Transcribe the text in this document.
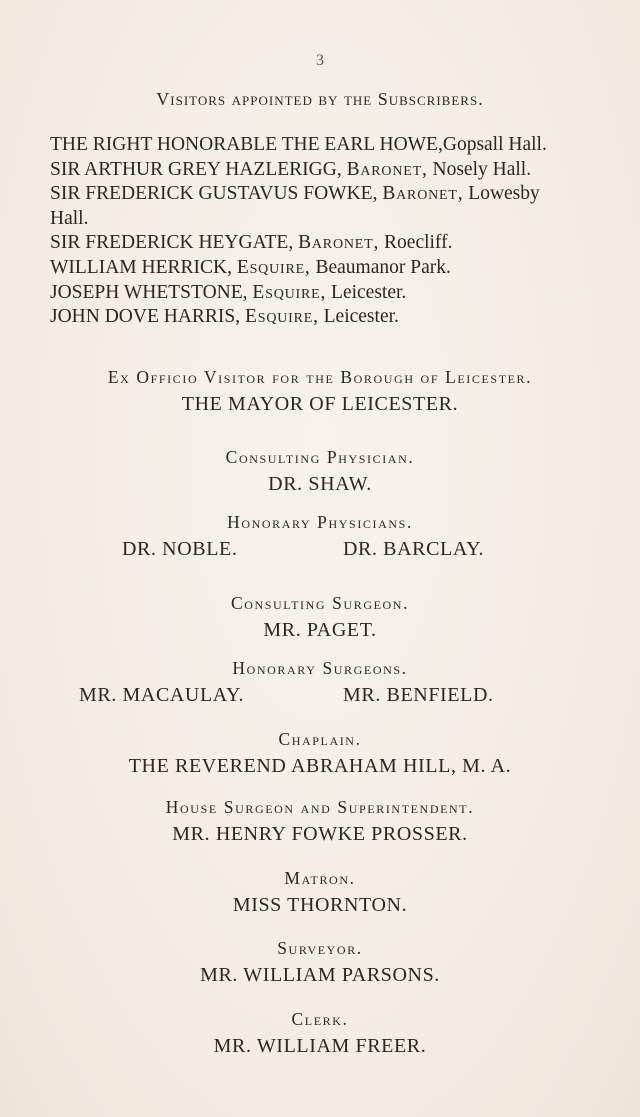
3
Visitors appointed by the Subscribers.
THE RIGHT HONORABLE THE EARL HOWE,Gopsall Hall.
SIR ARTHUR GREY HAZLERIGG, Baronet, Nosely Hall.
SIR FREDERICK GUSTAVUS FOWKE, Baronet, Lowesby
Hall.
SIR FREDERICK HEYGATE, Baronet, Roecliff.
WILLIAM HERRICK, Esquire, Beaumanor Park.
JOSEPH WHETSTONE, Esquire, Leicester.
JOHN DOVE HARRIS, Esquire, Leicester.
Ex Officio Visitor for the Borough of Leicester.
THE MAYOR OF LEICESTER.
Consulting Physician.
DR. SHAW.
Honorary Physicians.
DR. NOBLE.	DR. BARCLAY.
Consulting Surgeon.
MR. PAGET.
Honorary Surgeons.
MR. MACAULAY.	MR. BENFIELD.
Chaplain.
THE REVEREND ABRAHAM HILL, M. A.
House Surgeon and Superintendent.
MR. HENRY FOWKE PROSSER.
Matron.
MISS THORNTON.
Surveyor.
MR. WILLIAM PARSONS.
Clerk.
MR. WILLIAM FREER.
